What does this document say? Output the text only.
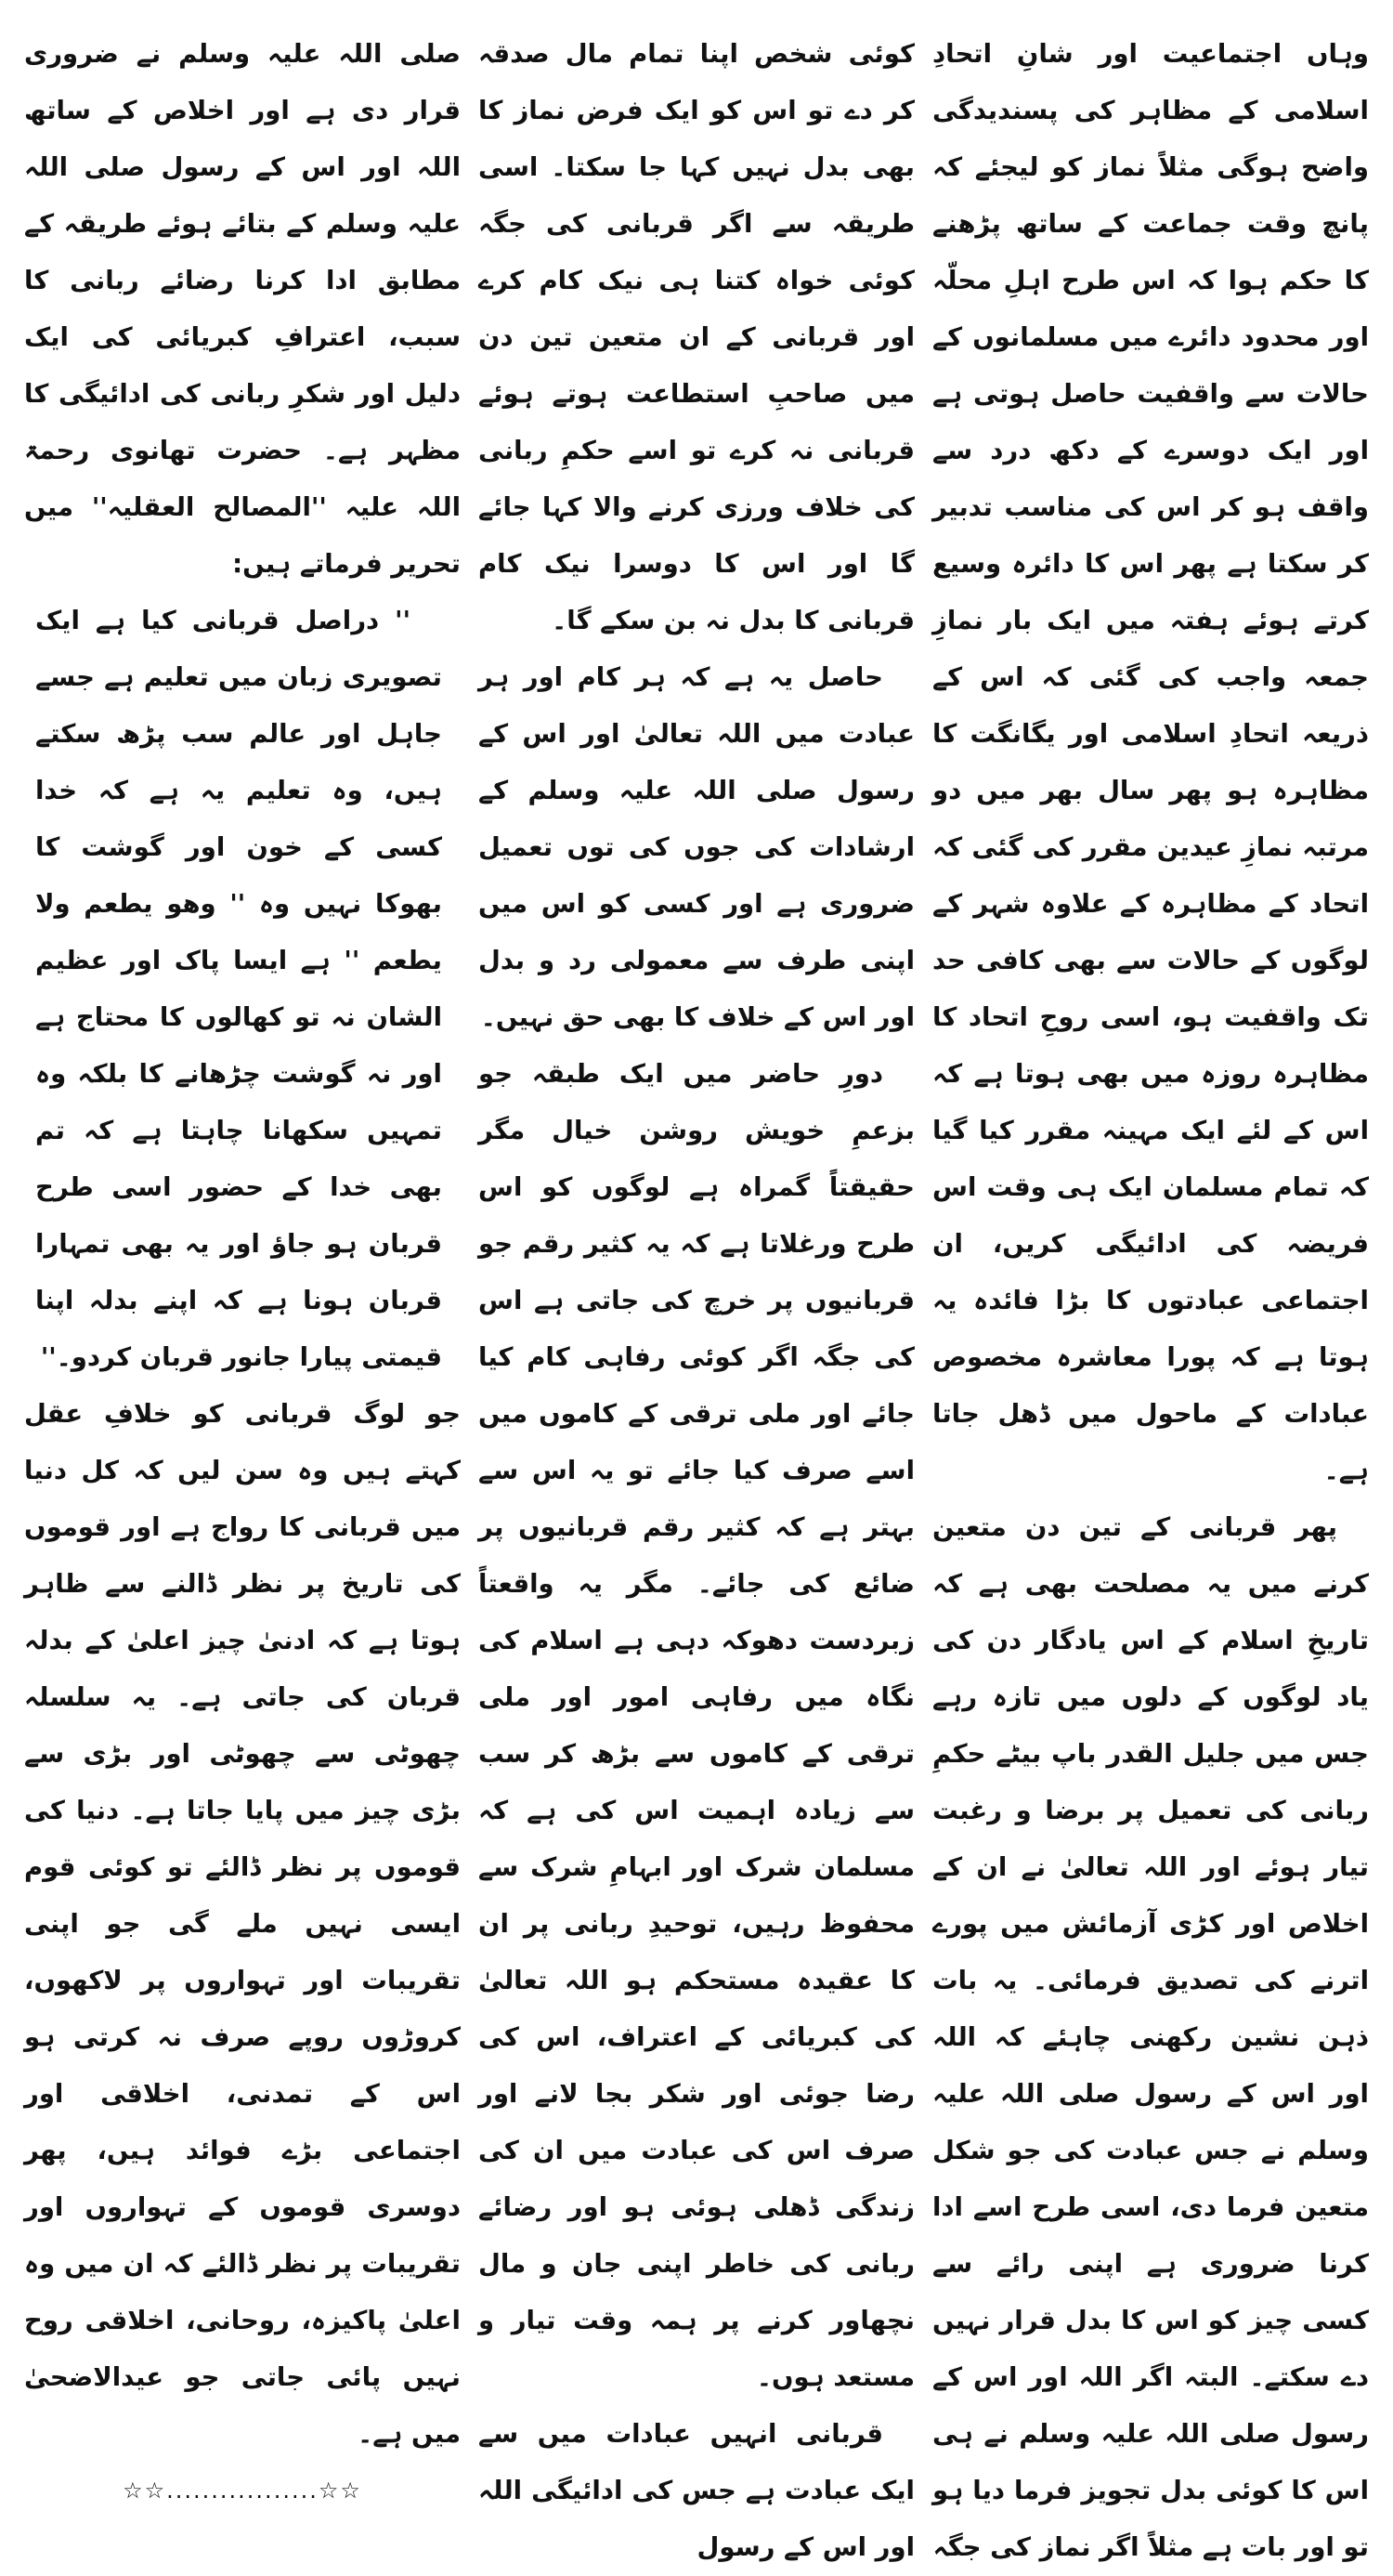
وہاں اجتماعیت اور شانِ اتحادِ اسلامی کے مظاہر کی پسندیدگی واضح ہوگی مثلاً نماز کو لیجئے کہ پانچ وقت جماعت کے ساتھ پڑھنے کا حکم ہوا کہ اس طرح اہلِ محلّہ اور محدود دائرے میں مسلمانوں کے حالات سے واقفیت حاصل ہوتی ہے اور ایک دوسرے کے دکھ درد سے واقف ہو کر اس کی مناسب تدبیر کر سکتا ہے پھر اس کا دائرہ وسیع کرتے ہوئے ہفتہ میں ایک بار نمازِ جمعہ واجب کی گئی کہ اس کے ذریعہ اتحادِ اسلامی اور یگانگت کا مظاہرہ ہو پھر سال بھر میں دو مرتبہ نمازِ عیدین مقرر کی گئی کہ اتحاد کے مظاہرہ کے علاوہ شہر کے لوگوں کے حالات سے بھی کافی حد تک واقفیت ہو، اسی روحِ اتحاد کا مظاہرہ روزہ میں بھی ہوتا ہے کہ اس کے لئے ایک مہینہ مقرر کیا گیا کہ تمام مسلمان ایک ہی وقت اس فریضہ کی ادائیگی کریں، ان اجتماعی عبادتوں کا بڑا فائدہ یہ ہوتا ہے کہ پورا معاشرہ مخصوص عبادات کے ماحول میں ڈھل جاتا ہے۔

پھر قربانی کے تین دن متعین کرنے میں یہ مصلحت بھی ہے کہ تاریخِ اسلام کے اس یادگار دن کی یاد لوگوں کے دلوں میں تازہ رہے جس میں جلیل القدر باپ بیٹے حکمِ ربانی کی تعمیل پر برضا و رغبت تیار ہوئے اور اللہ تعالیٰ نے ان کے اخلاص اور کڑی آزمائش میں پورے اترنے کی تصدیق فرمائی۔ یہ بات ذہن نشین رکھنی چاہئے کہ اللہ اور اس کے رسول صلی اللہ علیہ وسلم نے جس عبادت کی جو شکل متعین فرما دی، اسی طرح اسے ادا کرنا ضروری ہے اپنی رائے سے کسی چیز کو اس کا بدل قرار نہیں دے سکتے۔ البتہ اگر اللہ اور اس کے رسول صلی اللہ علیہ وسلم نے ہی اس کا کوئی بدل تجویز فرما دیا ہو تو اور بات ہے مثلاً اگر نماز کی جگہ

کوئی شخص اپنا تمام مال صدقہ کر دے تو اس کو ایک فرض نماز کا بھی بدل نہیں کہا جا سکتا۔ اسی طریقہ سے اگر قربانی کی جگہ کوئی خواہ کتنا ہی نیک کام کرے اور قربانی کے ان متعین تین دن میں صاحبِ استطاعت ہوتے ہوئے قربانی نہ کرے تو اسے حکمِ ربانی کی خلاف ورزی کرنے والا کہا جائے گا اور اس کا دوسرا نیک کام قربانی کا بدل نہ بن سکے گا۔

حاصل یہ ہے کہ ہر کام اور ہر عبادت میں اللہ تعالیٰ اور اس کے رسول صلی اللہ علیہ وسلم کے ارشادات کی جوں کی توں تعمیل ضروری ہے اور کسی کو اس میں اپنی طرف سے معمولی رد و بدل اور اس کے خلاف کا بھی حق نہیں۔

دورِ حاضر میں ایک طبقہ جو بزعمِ خویش روشن خیال مگر حقیقتاً گمراہ ہے لوگوں کو اس طرح ورغلاتا ہے کہ یہ کثیر رقم جو قربانیوں پر خرچ کی جاتی ہے اس کی جگہ اگر کوئی رفاہی کام کیا جائے اور ملی ترقی کے کاموں میں اسے صرف کیا جائے تو یہ اس سے بہتر ہے کہ کثیر رقم قربانیوں پر ضائع کی جائے۔ مگر یہ واقعتاً زبردست دھوکہ دہی ہے اسلام کی نگاہ میں رفاہی امور اور ملی ترقی کے کاموں سے بڑھ کر سب سے زیادہ اہمیت اس کی ہے کہ مسلمان شرک اور ابہامِ شرک سے محفوظ رہیں، توحیدِ ربانی پر ان کا عقیدہ مستحکم ہو اللہ تعالیٰ کی کبریائی کے اعتراف، اس کی رضا جوئی اور شکر بجا لانے اور صرف اس کی عبادت میں ان کی زندگی ڈھلی ہوئی ہو اور رضائے ربانی کی خاطر اپنی جان و مال نچھاور کرنے پر ہمہ وقت تیار و مستعد ہوں۔

قربانی انہیں عبادات میں سے ایک عبادت ہے جس کی ادائیگی اللہ اور اس کے رسول

صلی اللہ علیہ وسلم نے ضروری قرار دی ہے اور اخلاص کے ساتھ اللہ اور اس کے رسول صلی اللہ علیہ وسلم کے بتائے ہوئے طریقہ کے مطابق ادا کرنا رضائے ربانی کا سبب، اعترافِ کبریائی کی ایک دلیل اور شکرِ ربانی کی ادائیگی کا مظہر ہے۔ حضرت تھانوی رحمۃ اللہ علیہ ''المصالح العقلیہ'' میں تحریر فرماتے ہیں:

'' دراصل قربانی کیا ہے ایک تصویری زبان میں تعلیم ہے جسے جاہل اور عالم سب پڑھ سکتے ہیں، وہ تعلیم یہ ہے کہ خدا کسی کے خون اور گوشت کا بھوکا نہیں وہ '' وھو یطعم ولا یطعم '' ہے ایسا پاک اور عظیم الشان نہ تو کھالوں کا محتاج ہے اور نہ گوشت چڑھانے کا بلکہ وہ تمہیں سکھانا چاہتا ہے کہ تم بھی خدا کے حضور اسی طرح قربان ہو جاؤ اور یہ بھی تمہارا قربان ہونا ہے کہ اپنے بدلہ اپنا قیمتی پیارا جانور قربان کردو۔''

جو لوگ قربانی کو خلافِ عقل کہتے ہیں وہ سن لیں کہ کل دنیا میں قربانی کا رواج ہے اور قوموں کی تاریخ پر نظر ڈالنے سے ظاہر ہوتا ہے کہ ادنیٰ چیز اعلیٰ کے بدلہ قربان کی جاتی ہے۔ یہ سلسلہ چھوٹی سے چھوٹی اور بڑی سے بڑی چیز میں پایا جاتا ہے۔ دنیا کی قوموں پر نظر ڈالئے تو کوئی قوم ایسی نہیں ملے گی جو اپنی تقریبات اور تہواروں پر لاکھوں، کروڑوں روپے صرف نہ کرتی ہو اس کے تمدنی، اخلاقی اور اجتماعی بڑے فوائد ہیں، پھر دوسری قوموں کے تہواروں اور تقریبات پر نظر ڈالئے کہ ان میں وہ اعلیٰ پاکیزہ، روحانی، اخلاقی روح نہیں پائی جاتی جو عیدالاضحیٰ میں ہے۔

☆☆.................☆☆
